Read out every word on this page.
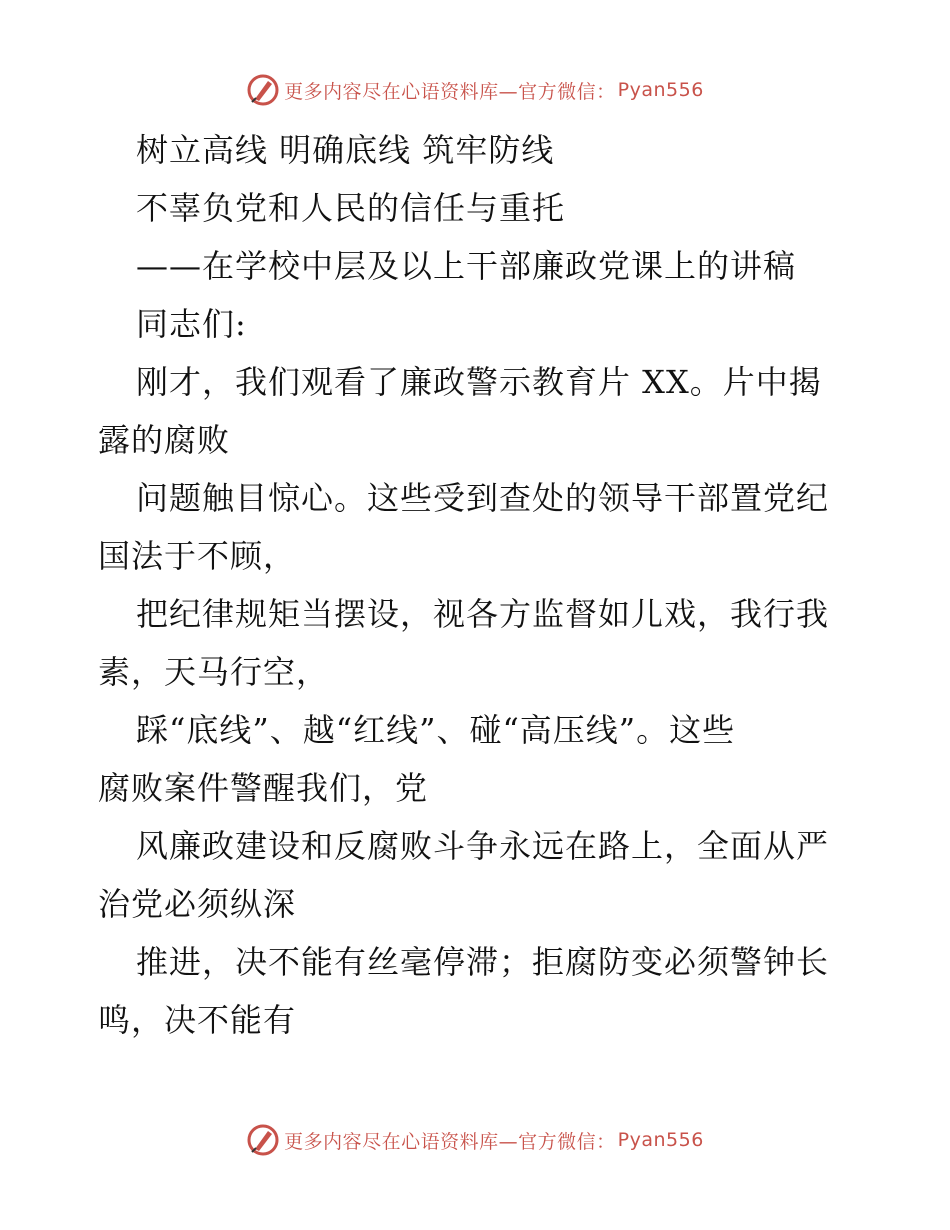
更多内容尽在心语资料库—官方微信： Pyan556
树立高线 明确底线 筑牢防线
不辜负党和人民的信任与重托
——在学校中层及以上干部廉政党课上的讲稿
同志们:
刚才，我们观看了廉政警示教育片 XX。片中揭
露的腐败
问题触目惊心。这些受到查处的领导干部置党纪
国法于不顾，
把纪律规矩当摆设，视各方监督如儿戏，我行我
素，天马行空，
踩“底线”、越“红线”、碰“高压线”。这些
腐败案件警醒我们，党
风廉政建设和反腐败斗争永远在路上，全面从严
治党必须纵深
推进，决不能有丝毫停滞；拒腐防变必须警钟长
鸣，决不能有
更多内容尽在心语资料库—官方微信： Pyan556
